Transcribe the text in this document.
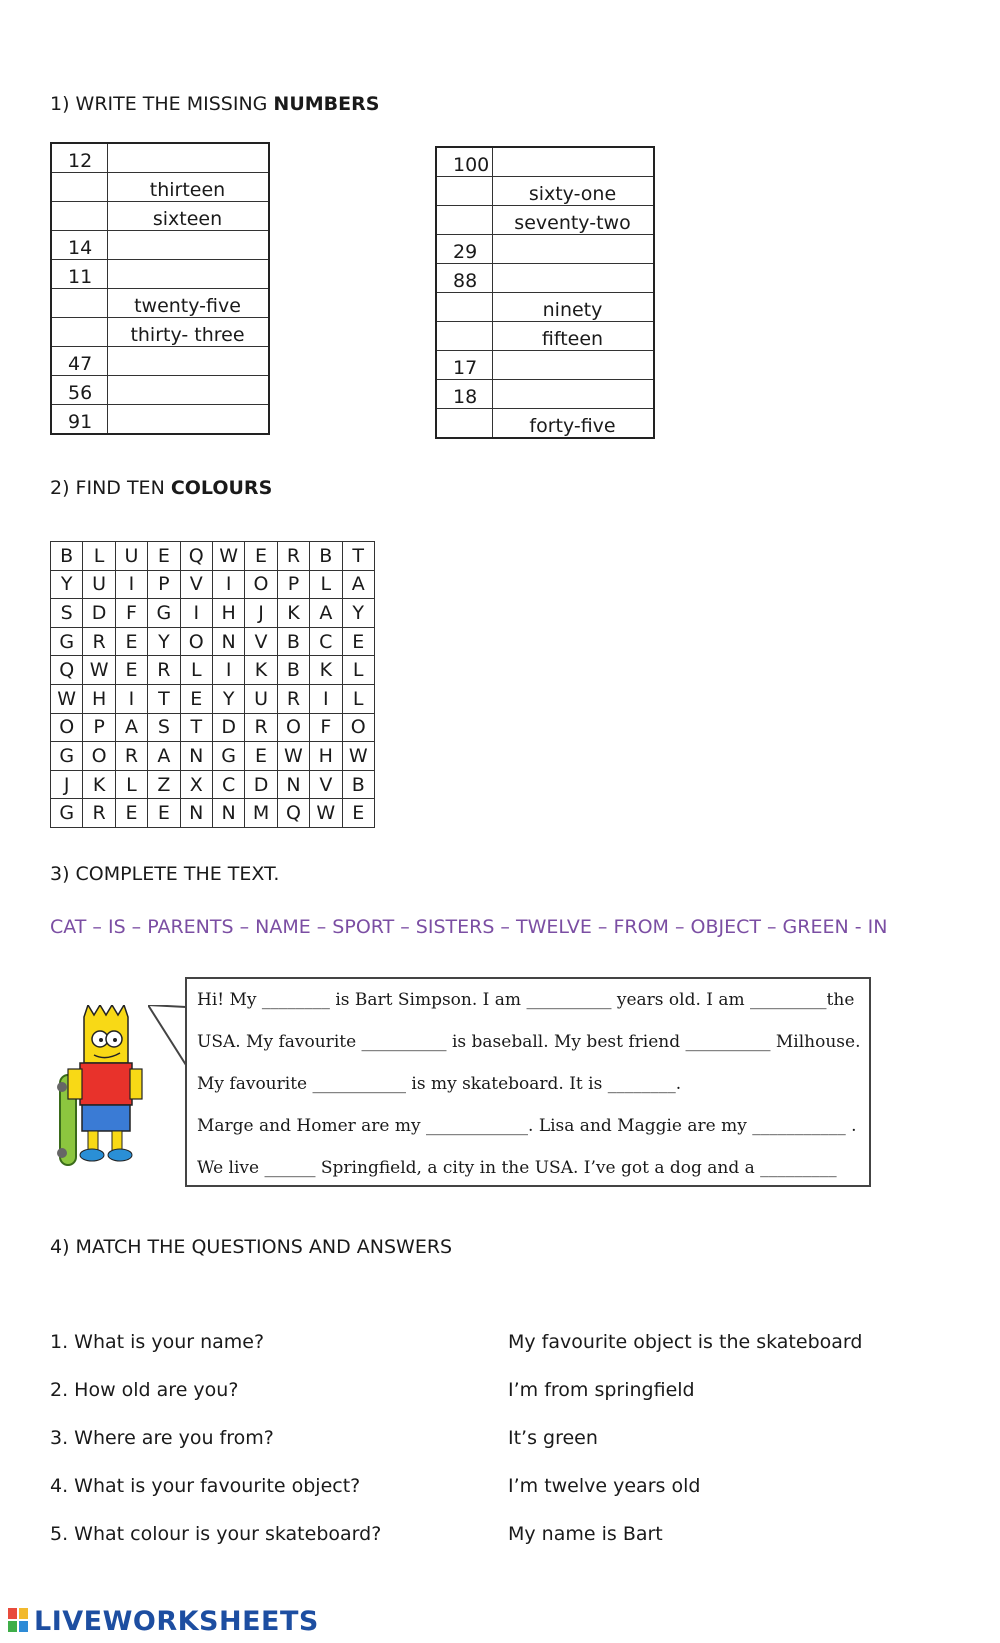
1) WRITE THE MISSING NUMBERS
12	
	thirteen
	sixteen
14	
11	
	twenty-five
	thirty- three
47	
56	
91	
100	
	sixty-one
	seventy-two
29	
88	
	ninety
	fifteen
17	
18	
	forty-five
2) FIND TEN COLOURS
B	L	U	E	Q	W	E	R	B	T
Y	U	I	P	V	I	O	P	L	A
S	D	F	G	I	H	J	K	A	Y
G	R	E	Y	O	N	V	B	C	E
Q	W	E	R	L	I	K	B	K	L
W	H	I	T	E	Y	U	R	I	L
O	P	A	S	T	D	R	O	F	O
G	O	R	A	N	G	E	W	H	W
J	K	L	Z	X	C	D	N	V	B
G	R	E	E	N	N	M	Q	W	E
3) COMPLETE THE TEXT.
CAT – IS – PARENTS – NAME – SPORT – SISTERS – TWELVE – FROM – OBJECT – GREEN - IN
Hi! My ________ is Bart Simpson. I am __________ years old. I am _________the
USA. My favourite __________ is baseball. My best friend __________ Milhouse.
My favourite ___________ is my skateboard. It is ________.
Marge and Homer are my ____________. Lisa and Maggie are my ___________ .
We live ______ Springfield, a city in the USA. I’ve got a dog and a _________
4) MATCH THE QUESTIONS AND ANSWERS
1. What is your name?
2. How old are you?
3. Where are you from?
4. What is your favourite object?
5. What colour is your skateboard?
My favourite object is the skateboard
I’m from springfield
It’s green
I’m twelve years old
My name is Bart
LIVEWORKSHEETS
